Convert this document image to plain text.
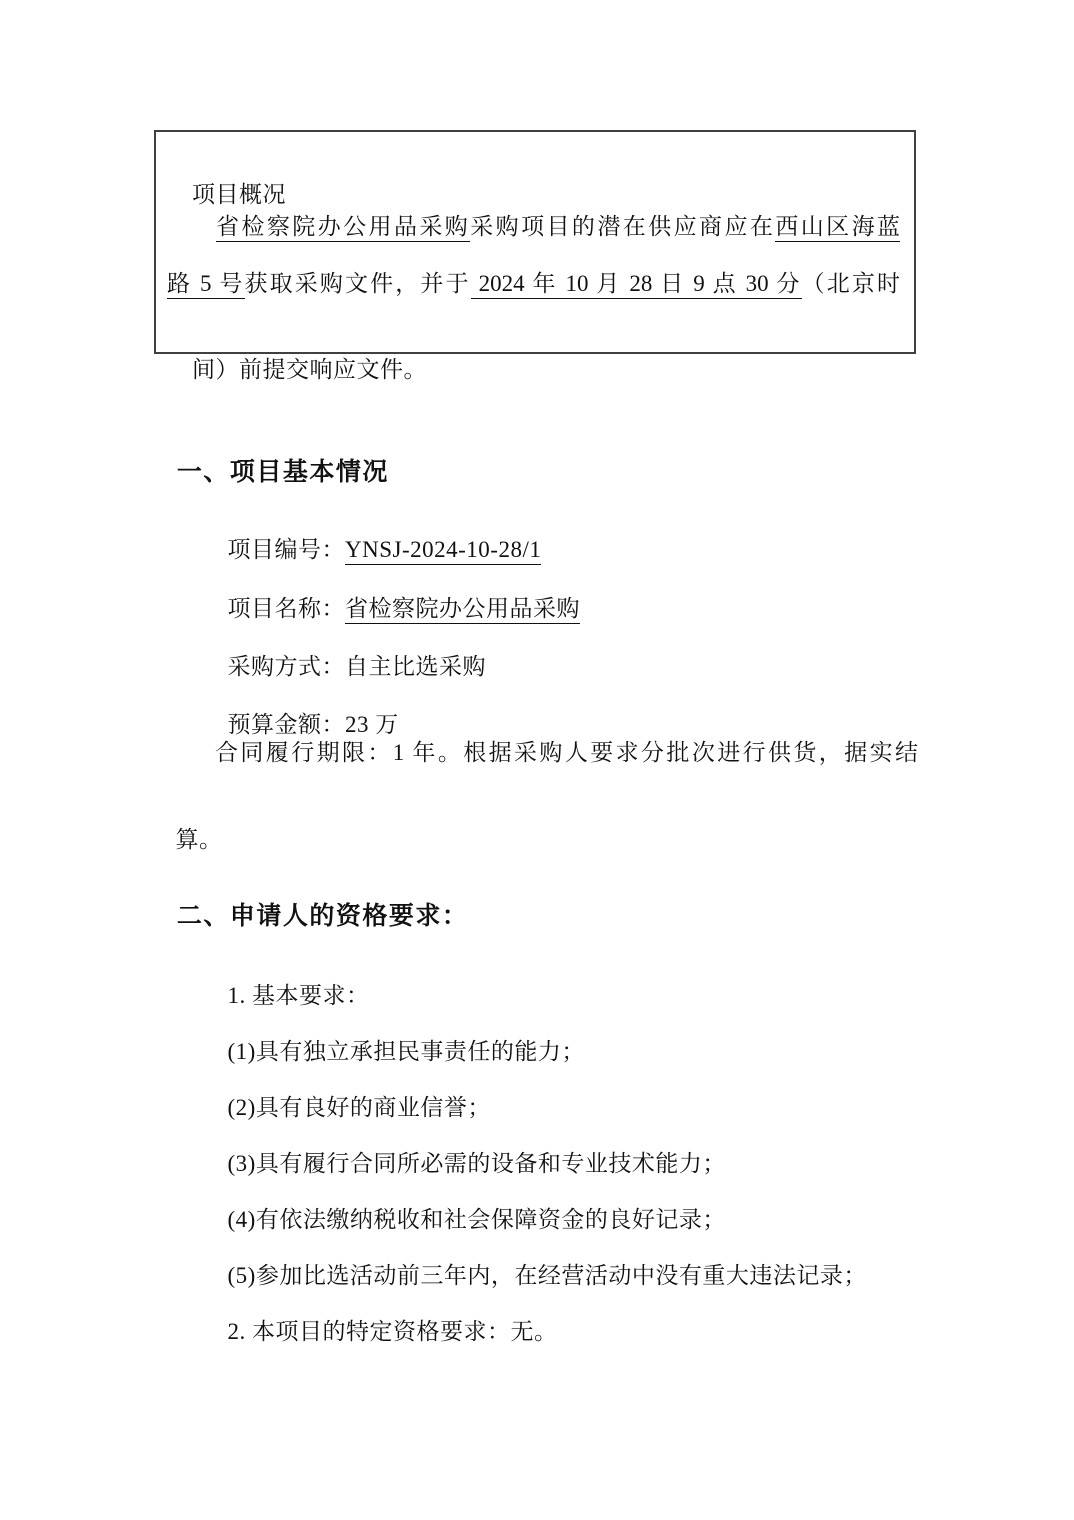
项目概况

省检察院办公用品采购采购项目的潜在供应商应在西山区海蓝
路 5 号获取采购文件，并于 2024 年 10 月 28 日 9 点 30 分（北京时

间）前提交响应文件。

一、项目基本情况

项目编号：YNSJ-2024-10-28/1

项目名称：省检察院办公用品采购

采购方式：自主比选采购

预算金额：23 万

合同履行期限：1 年。根据采购人要求分批次进行供货，据实结

算。

二、申请人的资格要求：

1. 基本要求：

(1)具有独立承担民事责任的能力；

(2)具有良好的商业信誉；

(3)具有履行合同所必需的设备和专业技术能力；

(4)有依法缴纳税收和社会保障资金的良好记录；

(5)参加比选活动前三年内，在经营活动中没有重大违法记录；

2. 本项目的特定资格要求：无。
